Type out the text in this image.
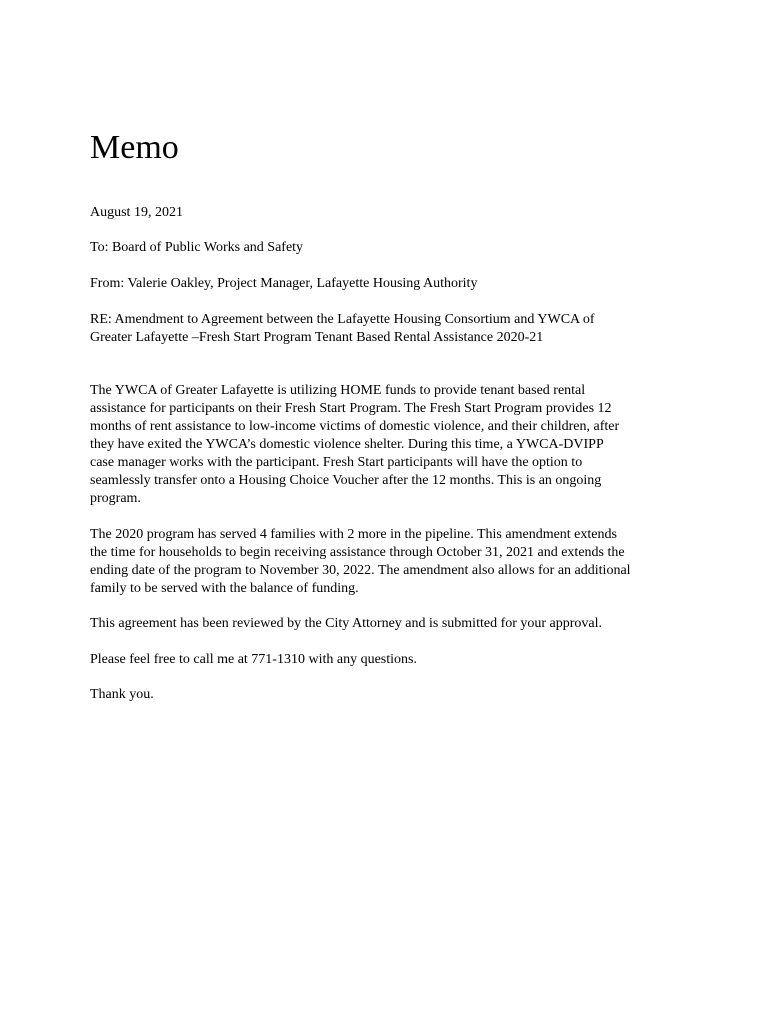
Memo

August 19, 2021

To: Board of Public Works and Safety

From: Valerie Oakley, Project Manager, Lafayette Housing Authority

RE: Amendment to Agreement between the Lafayette Housing Consortium and YWCA of

Greater Lafayette –Fresh Start Program Tenant Based Rental Assistance 2020-21

The YWCA of Greater Lafayette is utilizing HOME funds to provide tenant based rental

assistance for participants on their Fresh Start Program. The Fresh Start Program provides 12

months of rent assistance to low-income victims of domestic violence, and their children, after

they have exited the YWCA’s domestic violence shelter. During this time, a YWCA-DVIPP

case manager works with the participant. Fresh Start participants will have the option to

seamlessly transfer onto a Housing Choice Voucher after the 12 months. This is an ongoing

program.

The 2020 program has served 4 families with 2 more in the pipeline. This amendment extends

the time for households to begin receiving assistance through October 31, 2021 and extends the

ending date of the program to November 30, 2022. The amendment also allows for an additional

family to be served with the balance of funding.

This agreement has been reviewed by the City Attorney and is submitted for your approval.

Please feel free to call me at 771-1310 with any questions.

Thank you.
